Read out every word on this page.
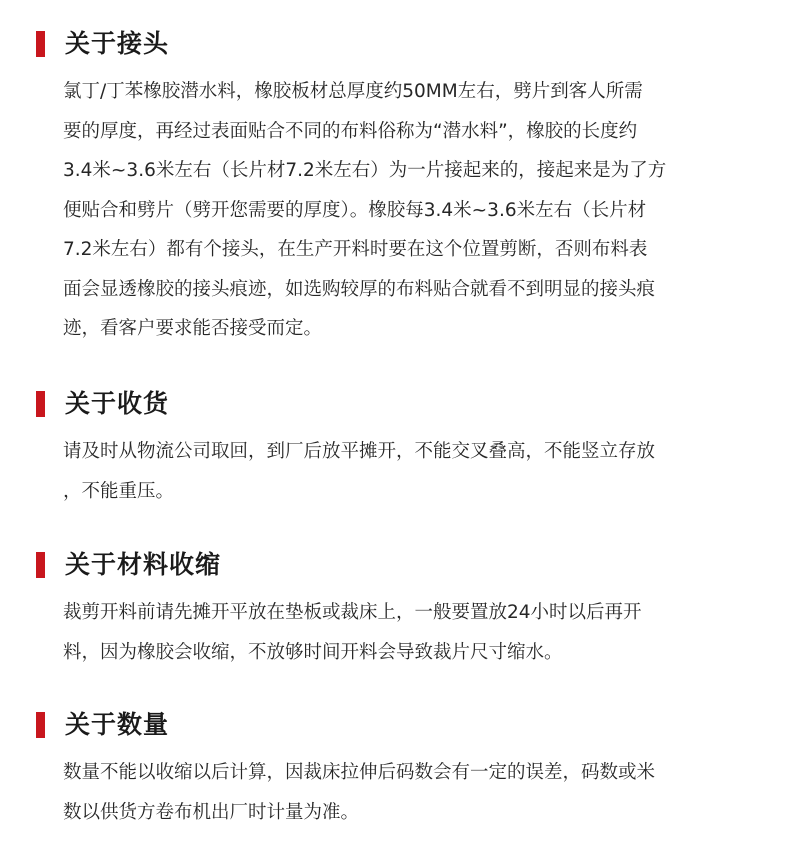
关于接头
氯丁/丁苯橡胶潜水料，橡胶板材总厚度约50MM左右，劈片到客人所需
要的厚度，再经过表面贴合不同的布料俗称为“潜水料”，橡胶的长度约
3.4米~3.6米左右（长片材7.2米左右）为一片接起来的，接起来是为了方
便贴合和劈片（劈开您需要的厚度）。橡胶每3.4米~3.6米左右（长片材
7.2米左右）都有个接头，在生产开料时要在这个位置剪断，否则布料表
面会显透橡胶的接头痕迹，如选购较厚的布料贴合就看不到明显的接头痕
迹，看客户要求能否接受而定。
关于收货
请及时从物流公司取回，到厂后放平摊开，不能交叉叠高，不能竖立存放
，不能重压。
关于材料收缩
裁剪开料前请先摊开平放在垫板或裁床上，一般要置放24小时以后再开
料，因为橡胶会收缩，不放够时间开料会导致裁片尺寸缩水。
关于数量
数量不能以收缩以后计算，因裁床拉伸后码数会有一定的误差，码数或米
数以供货方卷布机出厂时计量为准。
